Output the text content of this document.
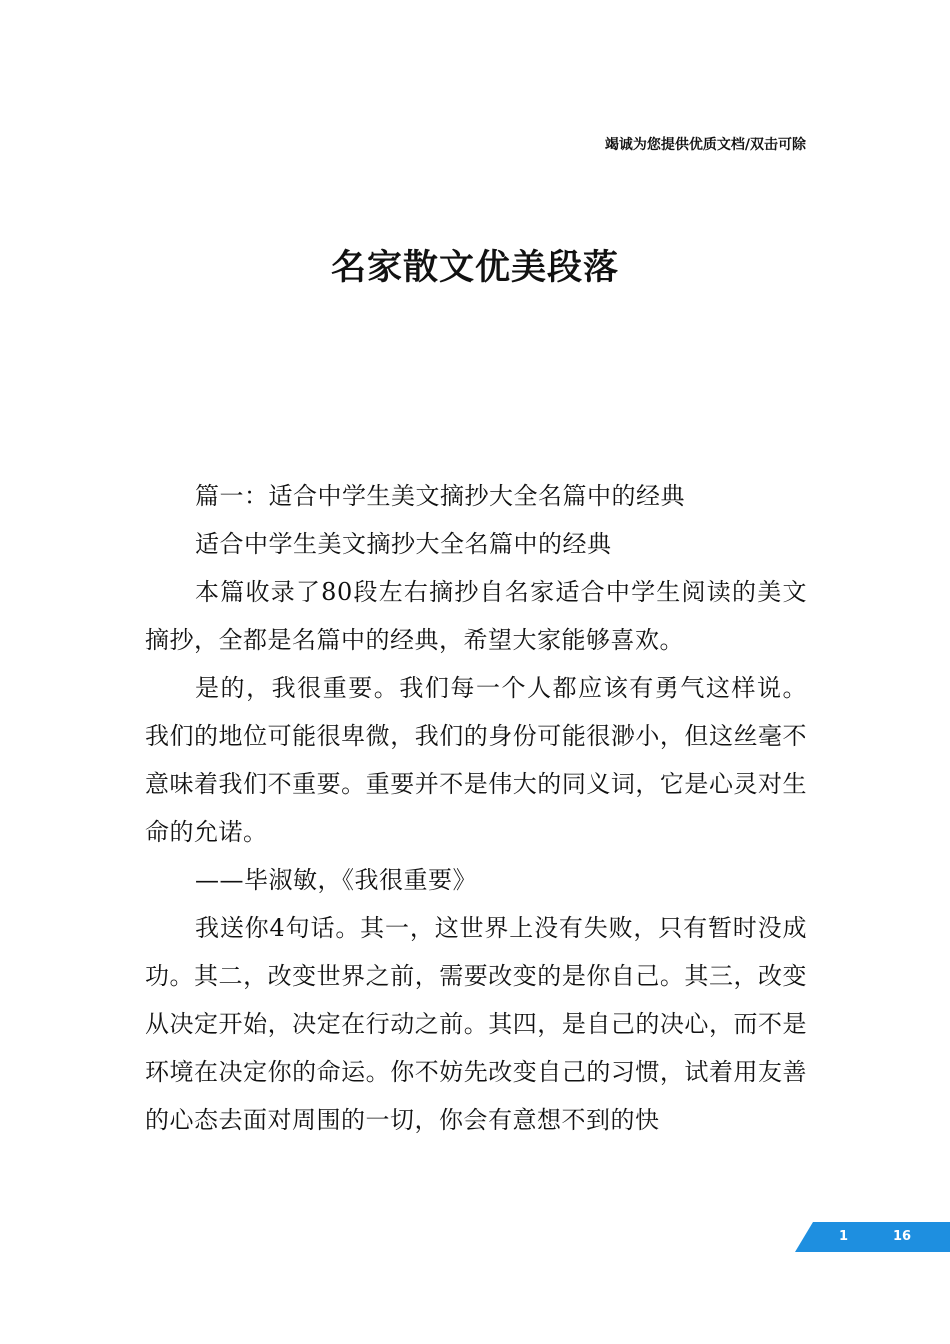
竭诚为您提供优质文档/双击可除
名家散文优美段落

篇一：适合中学生美文摘抄大全名篇中的经典

适合中学生美文摘抄大全名篇中的经典

本篇收录了80段左右摘抄自名家适合中学生阅读的美文摘抄，全都是名篇中的经典，希望大家能够喜欢。

是的，我很重要。我们每一个人都应该有勇气这样说。我们的地位可能很卑微，我们的身份可能很渺小，但这丝毫不意味着我们不重要。重要并不是伟大的同义词，它是心灵对生命的允诺。

——毕淑敏，《我很重要》

我送你4句话。其一，这世界上没有失败，只有暂时没成功。其二，改变世界之前，需要改变的是你自己。其三，改变从决定开始，决定在行动之前。其四，是自己的决心，而不是环境在决定你的命运。你不妨先改变自己的习惯，试着用友善的心态去面对周围的一切，你会有意想不到的快

1	16
